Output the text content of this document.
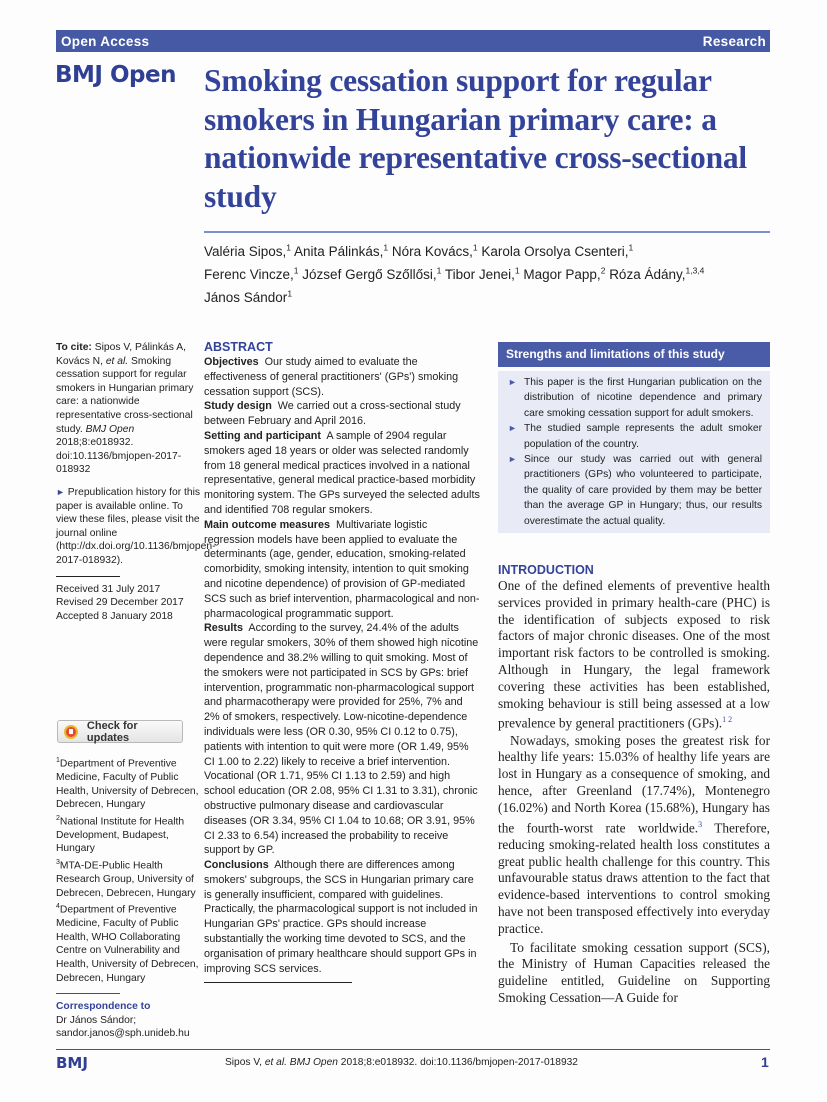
Open Access	Research
BMJ Open Smoking cessation support for regular smokers in Hungarian primary care: a nationwide representative cross-sectional study
Valéria Sipos,$^1$ Anita Pálinkás,$^1$ Nóra Kovács,$^1$ Karola Orsolya Csenteri,$^1$
Ferenc Vincze,$^1$ József Gergő Szőllősi,$^1$ Tibor Jenei,$^1$ Magor Papp,$^2$ Róza Ádány,$^{1,3,4}$
János Sándor$^1$
To cite: Sipos V, Pálinkás A, Kovács N, et al. Smoking cessation support for regular smokers in Hungarian primary care: a nationwide representative cross-sectional study. BMJ Open 2018;8:e018932. doi:10.1136/bmjopen-2017-018932
► Prepublication history for this paper is available online. To view these files, please visit the journal online (http://dx.doi.org/10.1136/bmjopen-2017-018932).
Received 31 July 2017
Revised 29 December 2017
Accepted 8 January 2018
Check for updates
$^1$Department of Preventive Medicine, Faculty of Public Health, University of Debrecen, Debrecen, Hungary
$^2$National Institute for Health Development, Budapest, Hungary
$^3$MTA-DE-Public Health Research Group, University of Debrecen, Debrecen, Hungary
$^4$Department of Preventive Medicine, Faculty of Public Health, WHO Collaborating Centre on Vulnerability and Health, University of Debrecen, Debrecen, Hungary
Correspondence to
Dr János Sándor;
sandor.janos@sph.unideb.hu
ABSTRACT

Objectives Our study aimed to evaluate the effectiveness of general practitioners' (GPs') smoking cessation support (SCS).

Study design We carried out a cross-sectional study between February and April 2016.

Setting and participant A sample of 2904 regular smokers aged 18 years or older was selected randomly from 18 general medical practices involved in a national representative, general medical practice-based morbidity monitoring system. The GPs surveyed the selected adults and identified 708 regular smokers.

Main outcome measures Multivariate logistic regression models have been applied to evaluate the determinants (age, gender, education, smoking-related comorbidity, smoking intensity, intention to quit smoking and nicotine dependence) of provision of GP-mediated SCS such as brief intervention, pharmacological and non-pharmacological programmatic support.

Results According to the survey, 24.4% of the adults were regular smokers, 30% of them showed high nicotine dependence and 38.2% willing to quit smoking. Most of the smokers were not participated in SCS by GPs: brief intervention, programmatic non-pharmacological support and pharmacotherapy were provided for 25%, 7% and 2% of smokers, respectively. Low-nicotine-dependence individuals were less (OR 0.30, 95% CI 0.12 to 0.75), patients with intention to quit were more (OR 1.49, 95% CI 1.00 to 2.22) likely to receive a brief intervention. Vocational (OR 1.71, 95% CI 1.13 to 2.59) and high school education (OR 2.08, 95% CI 1.31 to 3.31), chronic obstructive pulmonary disease and cardiovascular diseases (OR 3.34, 95% CI 1.04 to 10.68; OR 3.91, 95% CI 2.33 to 6.54) increased the probability to receive support by GP.

Conclusions Although there are differences among smokers' subgroups, the SCS in Hungarian primary care is generally insufficient, compared with guidelines. Practically, the pharmacological support is not included in Hungarian GPs' practice. GPs should increase substantially the working time devoted to SCS, and the organisation of primary healthcare should support GPs in improving SCS services.

Strengths and limitations of this study
► This paper is the first Hungarian publication on the distribution of nicotine dependence and primary care smoking cessation support for adult smokers.
► The studied sample represents the adult smoker population of the country.
► Since our study was carried out with general practitioners (GPs) who volunteered to participate, the quality of care provided by them may be better than the average GP in Hungary; thus, our results overestimate the actual quality.
INTRODUCTION

One of the defined elements of preventive health services provided in primary health-care (PHC) is the identification of subjects exposed to risk factors of major chronic diseases. One of the most important risk factors to be controlled is smoking. Although in Hungary, the legal framework covering these activities has been established, smoking behaviour is still being assessed at a low prevalence by general practitioners (GPs).$^{1 2}$

Nowadays, smoking poses the greatest risk for healthy life years: 15.03% of healthy life years are lost in Hungary as a consequence of smoking, and hence, after Greenland (17.74%), Montenegro (16.02%) and North Korea (15.68%), Hungary has the fourth-worst rate worldwide.$^3$ Therefore, reducing smoking-related health loss constitutes a great public health challenge for this country. This unfavourable status draws attention to the fact that evidence-based interventions to control smoking have not been transposed effectively into everyday practice.

To facilitate smoking cessation support (SCS), the Ministry of Human Capacities released the guideline entitled, Guideline on Supporting Smoking Cessation—A Guide for

BMJ	Sipos V, et al. BMJ Open 2018;8:e018932. doi:10.1136/bmjopen-2017-018932	1
